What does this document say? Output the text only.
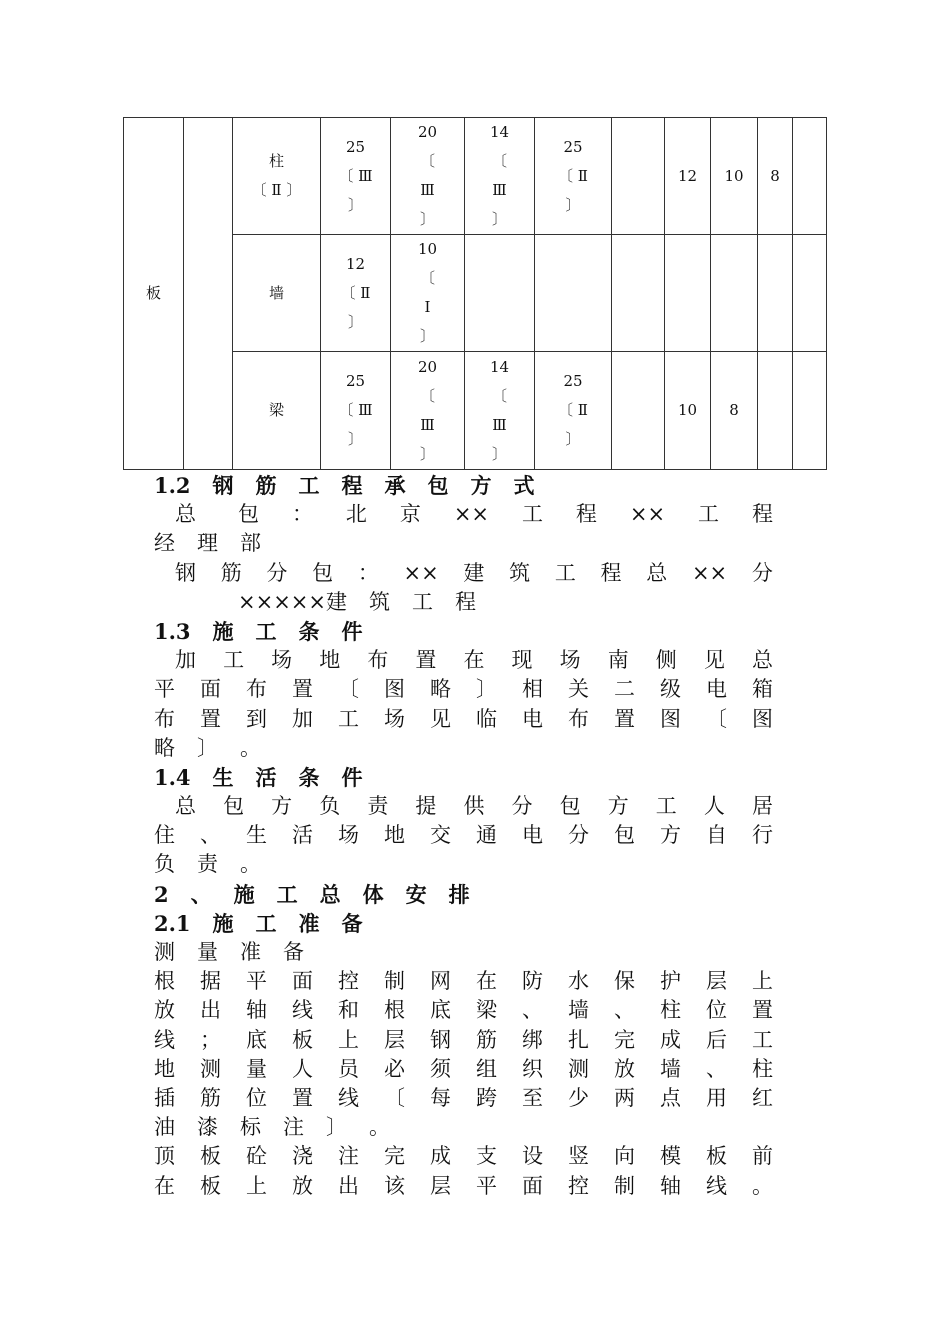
板		柱
〔 Ⅱ 〕	25
〔 Ⅲ
〕	20
〔
Ⅲ
〕	14
〔
Ⅲ
〕	25
〔 Ⅱ
〕		12	10	8	

		墙	12
〔 Ⅱ
〕	10
〔
Ⅰ
〕							

		梁	25
〔 Ⅲ
〕	20
〔
Ⅲ
〕	14
〔
Ⅲ
〕	25
〔 Ⅱ
〕		10	8		
1.2 钢 筋 工 程 承 包 方 式
　总　　包 ： 北 京 ×× 工 程 ×× 工 程
经 理 部
　钢 筋 分 包 ： ×× 建 筑 工 程 总 ×× 分
　　　　×××××建 筑 工 程
1.3 施 工 条 件
　加 工 场 地 布 置 在 现 场 南 侧 见 总
平 面 布 置 〔 图 略 〕 相 关 二 级 电 箱
布 置 到 加 工 场 见 临 电 布 置 图 〔 图
略 〕 。
1.4 生 活 条 件
　总 包 方 负 责 提 供 分 包 方 工 人 居
住 、 生 活 场 地 交 通 电 分 包 方 自 行
负 责 。
2 、 施 工 总 体 安 排
2.1 施 工 准 备
测 量 准 备
根 据 平 面 控 制 网 在 防 水 保 护 层 上
放 出 轴 线 和 根 底 梁 、 墙 、 柱 位 置
线 ； 底 板 上 层 钢 筋 绑 扎 完 成 后 工
地 测 量 人 员 必 须 组 织 测 放 墙 、 柱
插 筋 位 置 线 〔 每 跨 至 少 两 点 用 红
油 漆 标 注 〕 。
顶 板 砼 浇 注 完 成 支 设 竖 向 模 板 前
在 板 上 放 出 该 层 平 面 控 制 轴 线 。
